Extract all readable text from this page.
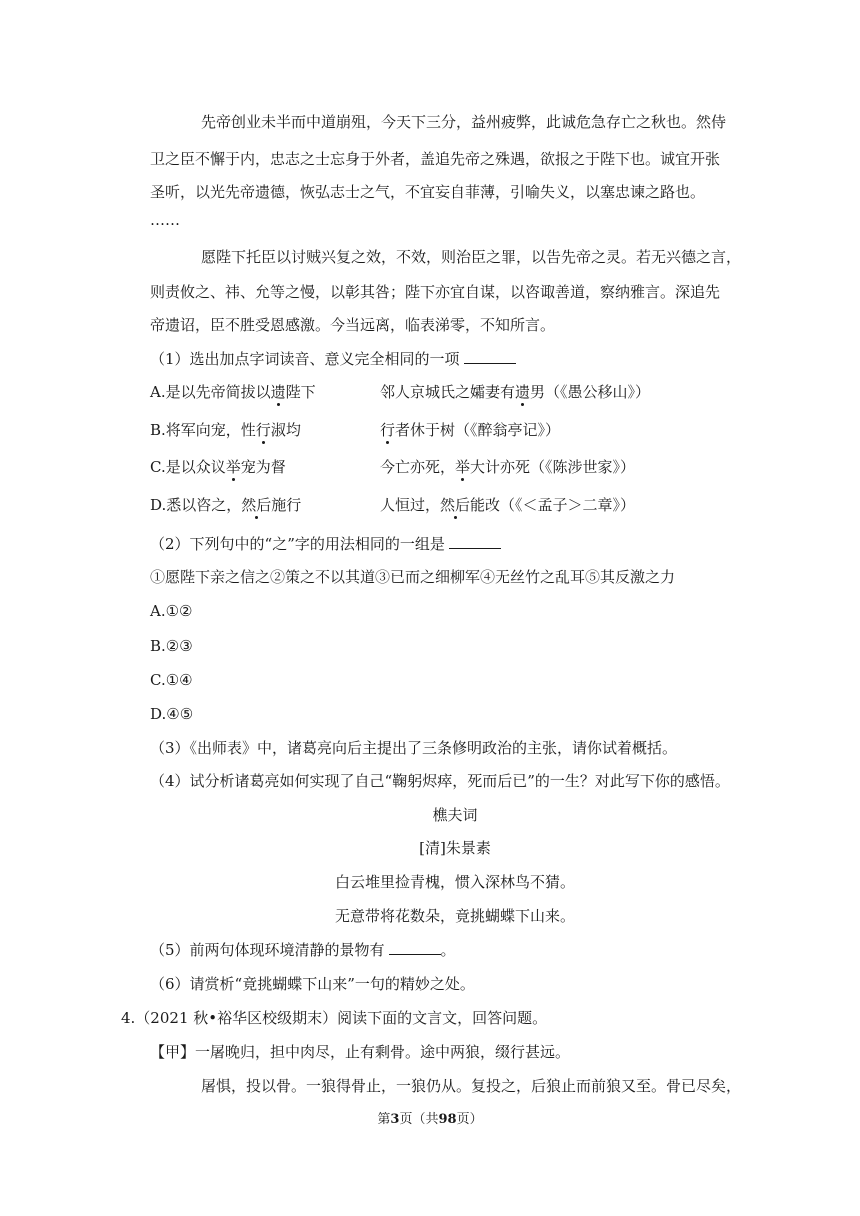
先帝创业未半而中道崩殂，今天下三分，益州疲弊，此诚危急存亡之秋也。然侍
卫之臣不懈于内，忠志之士忘身于外者，盖追先帝之殊遇，欲报之于陛下也。诚宜开张
圣听，以光先帝遗德，恢弘志士之气，不宜妄自菲薄，引喻失义，以塞忠谏之路也。
……
愿陛下托臣以讨贼兴复之效，不效，则治臣之罪，以告先帝之灵。若无兴德之言，
则责攸之、祎、允等之慢，以彰其咎；陛下亦宜自谋，以咨诹善道，察纳雅言。深追先
帝遗诏，臣不胜受恩感激。今当远离，临表涕零，不知所言。
（1）选出加点字词读音、意义完全相同的一项
A.是以先帝简拔以遗陛下	邻人京城氏之孀妻有遗男（《愚公移山》）
B.将军向宠，性行淑均	行者休于树（《醉翁亭记》）
C.是以众议举宠为督	今亡亦死，举大计亦死（《陈涉世家》）
D.悉以咨之，然后施行	人恒过，然后能改（《＜孟子＞二章》）
（2）下列句中的“之”字的用法相同的一组是
①愿陛下亲之信之②策之不以其道③已而之细柳军④无丝竹之乱耳⑤其反激之力
A.①②
B.②③
C.①④
D.④⑤
（3）《出师表》中，诸葛亮向后主提出了三条修明政治的主张，请你试着概括。
（4）试分析诸葛亮如何实现了自己“鞠躬烬瘁，死而后已”的一生？对此写下你的感悟。
樵夫词
[清]朱景素
白云堆里捡青槐，惯入深林鸟不猜。
无意带将花数朵，竟挑蝴蝶下山来。
（5）前两句体现环境清静的景物有	。
（6）请赏析“竟挑蝴蝶下山来”一句的精妙之处。
4.（2021 秋•裕华区校级期末）阅读下面的文言文，回答问题。
【甲】一屠晚归，担中肉尽，止有剩骨。途中两狼，缀行甚远。
屠惧，投以骨。一狼得骨止，一狼仍从。复投之，后狼止而前狼又至。骨已尽矣，
第3页（共98页）
